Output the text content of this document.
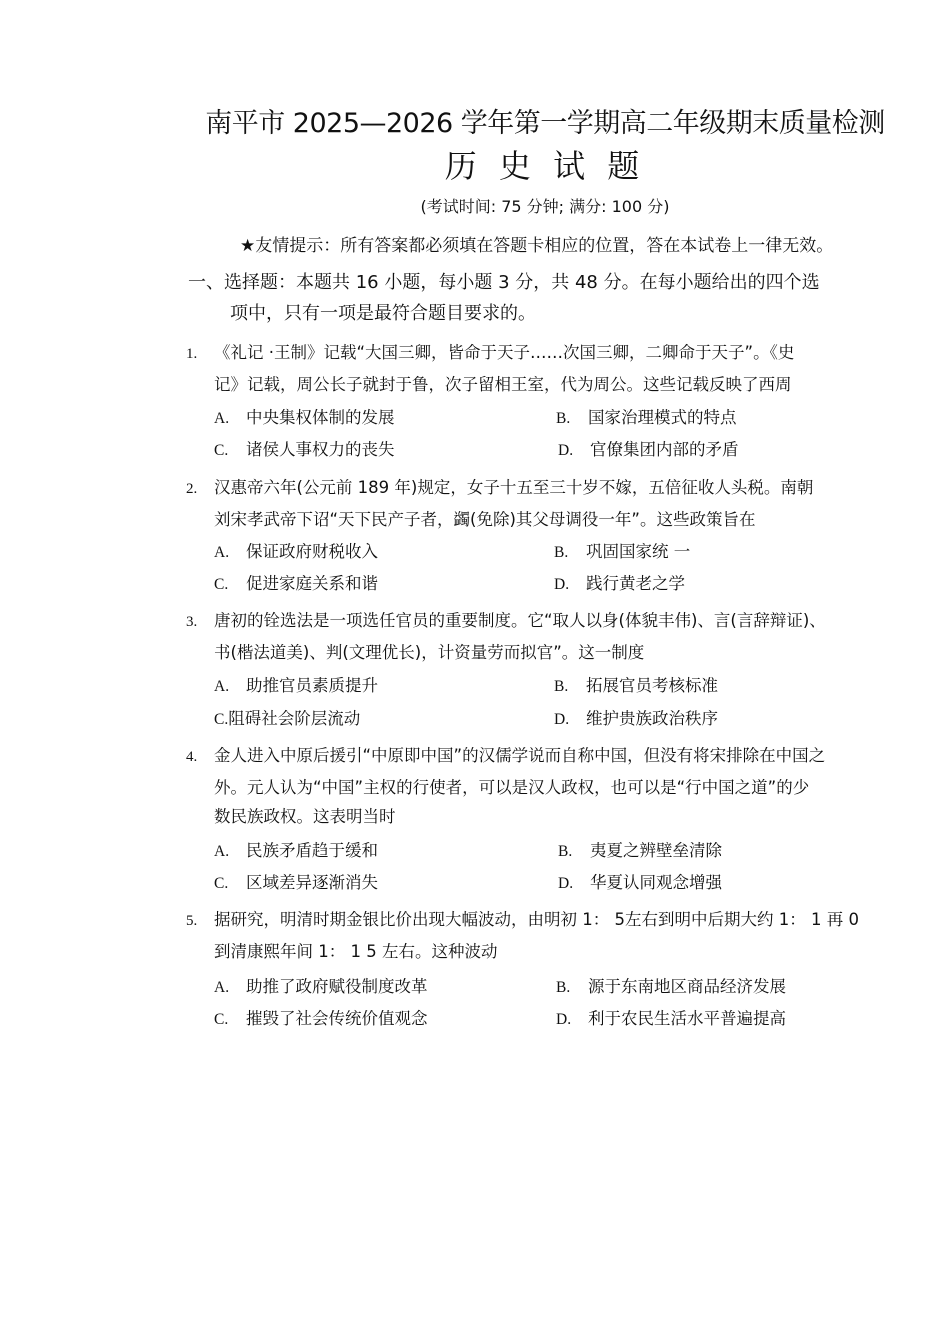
南平市 2025—2026 学年第一学期高二年级期末质量检测
历 史 试 题
(考试时间: 75 分钟; 满分: 100 分)
★友情提示：所有答案都必须填在答题卡相应的位置，答在本试卷上一律无效。
一、选择题：本题共 16 小题，每小题 3 分，共 48 分。在每小题给出的四个选
项中，只有一项是最符合题目要求的。
1. 《礼记 ·王制》记载“大国三卿，皆命于天子……次国三卿，二卿命于天子”。《史
记》记载，周公长子就封于鲁，次子留相王室，代为周公。这些记载反映了西周
A. 中央集权体制的发展	B. 国家治理模式的特点
C. 诸侯人事权力的丧失	D. 官僚集团内部的矛盾
2. 汉惠帝六年(公元前 189 年)规定，女子十五至三十岁不嫁，五倍征收人头税。南朝
刘宋孝武帝下诏“天下民产子者，蠲(免除)其父母调役一年”。这些政策旨在
A. 保证政府财税收入	B. 巩固国家统 一
C. 促进家庭关系和谐	D. 践行黄老之学
3. 唐初的铨选法是一项选任官员的重要制度。它“取人以身(体貌丰伟)、言(言辞辩证)、
书(楷法道美)、判(文理优长)，计资量劳而拟官”。这一制度
A. 助推官员素质提升	B. 拓展官员考核标准
C.阻碍社会阶层流动	D. 维护贵族政治秩序
4. 金人进入中原后援引“中原即中国”的汉儒学说而自称中国，但没有将宋排除在中国之
外。元人认为“中国”主权的行使者，可以是汉人政权，也可以是“行中国之道”的少
数民族政权。这表明当时
A. 民族矛盾趋于缓和	B. 夷夏之辨壁垒清除
C. 区域差异逐渐消失	D. 华夏认同观念增强
5. 据研究，明清时期金银比价出现大幅波动，由明初 1： 5左右到明中后期大约 1： 1 再 0
到清康熙年间 1： 1 5 左右。这种波动
A. 助推了政府赋役制度改革	B. 源于东南地区商品经济发展
C. 摧毁了社会传统价值观念	D. 利于农民生活水平普遍提高
